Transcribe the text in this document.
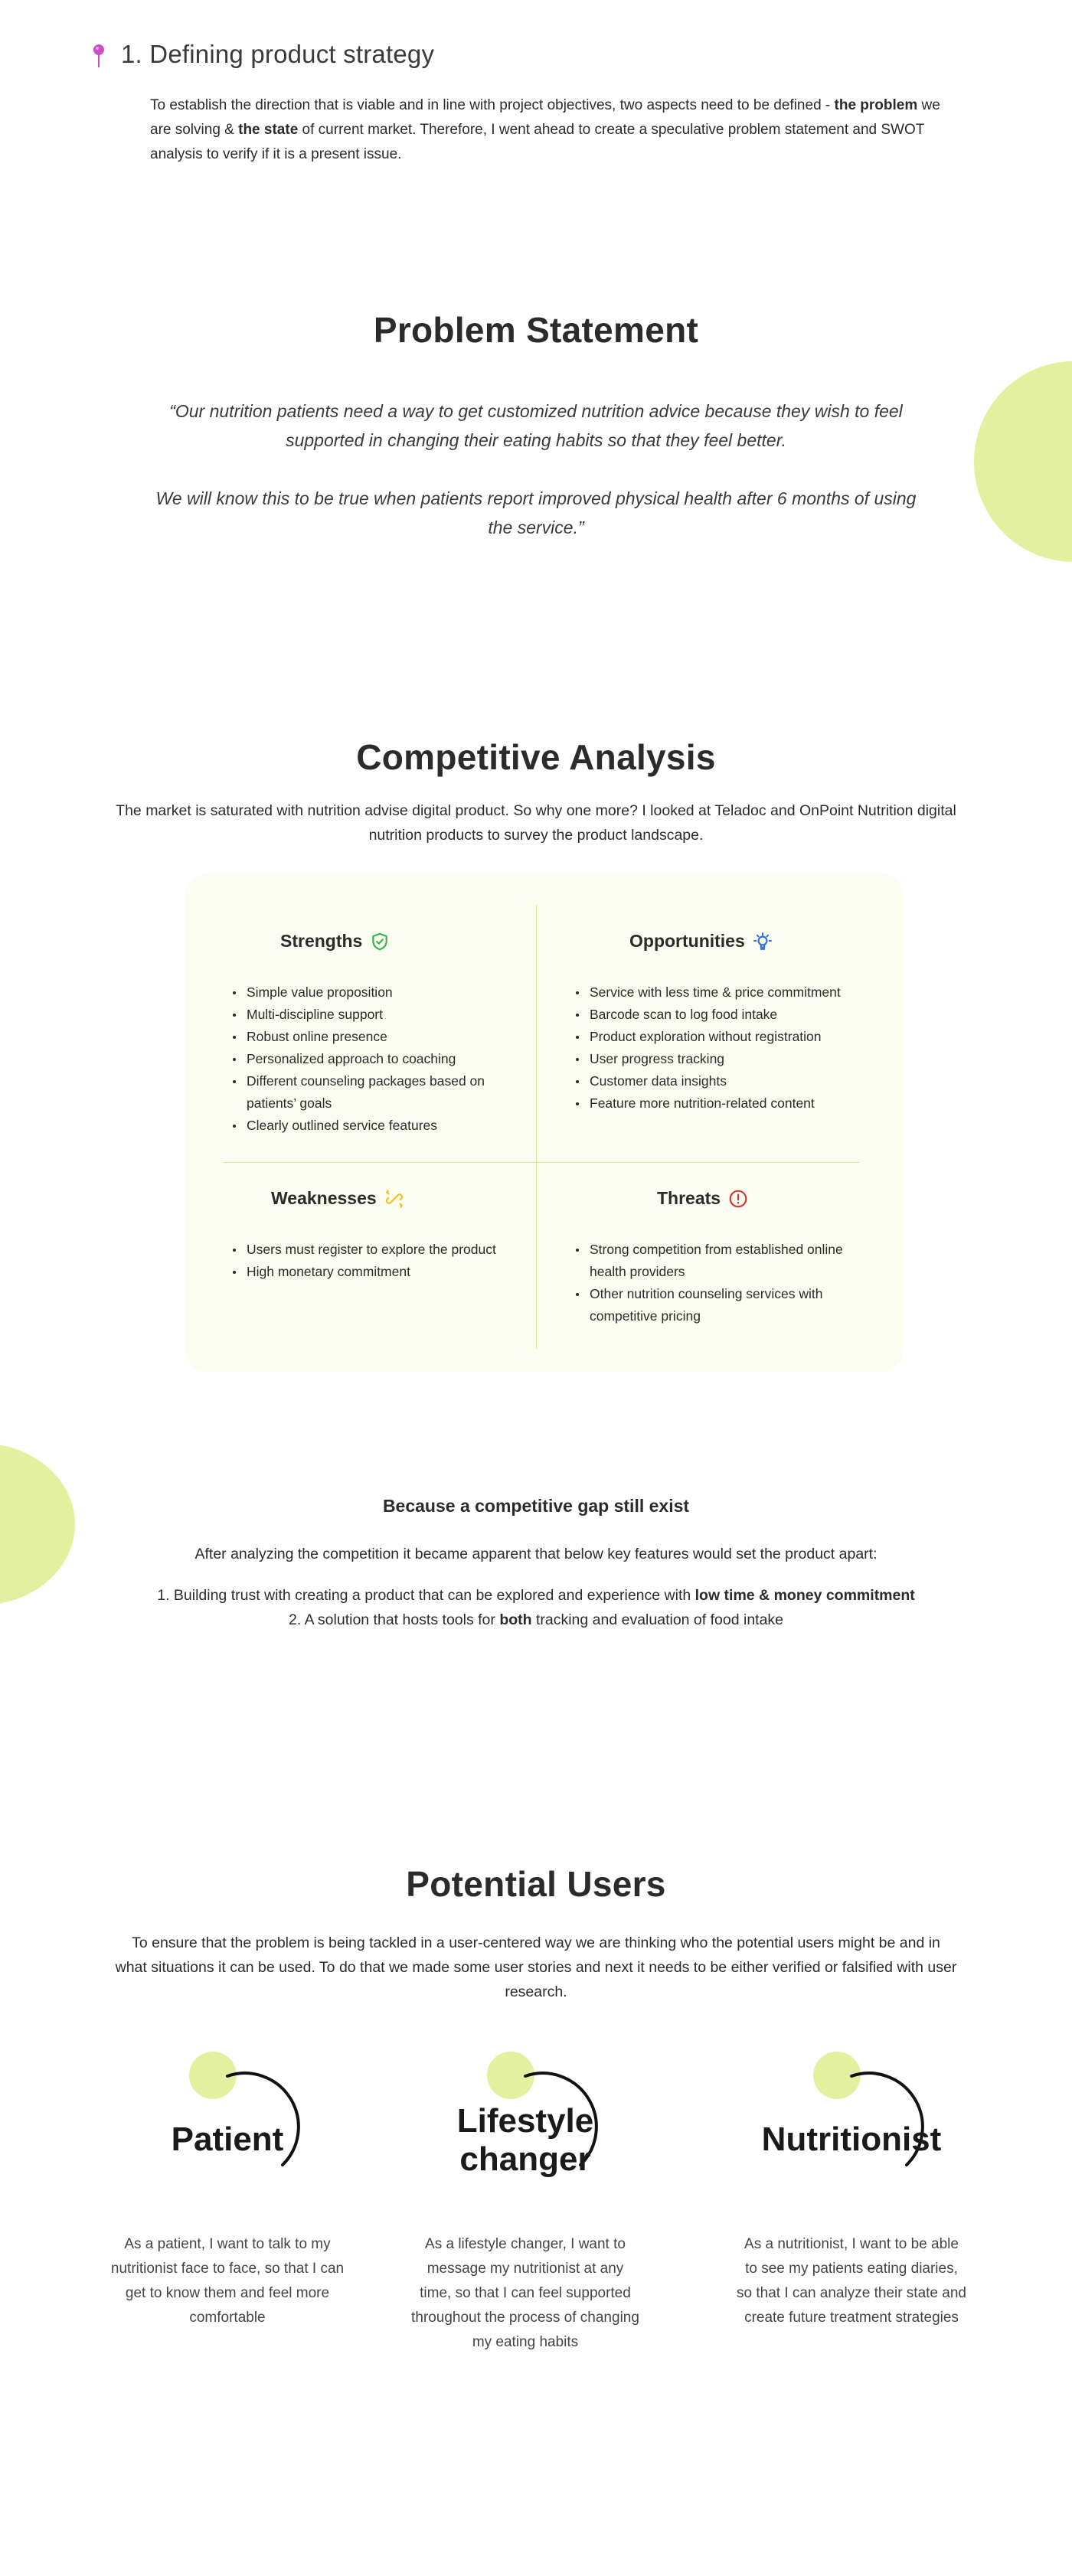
1. Defining product strategy
To establish the direction that is viable and in line with project objectives, two aspects need to be defined - the problem we are solving & the state of current market. Therefore, I went ahead to create a speculative problem statement and SWOT analysis to verify if it is a present issue.
Problem Statement
“Our nutrition patients need a way to get customized nutrition advice because they wish to feel supported in changing their eating habits so that they feel better.
We will know this to be true when patients report improved physical health after 6 months of using the service.”
Competitive Analysis
The market is saturated with nutrition advise digital product. So why one more? I looked at Teladoc and OnPoint Nutrition digital nutrition products to survey the product landscape.
Strengths
Simple value proposition
Multi-discipline support
Robust online presence
Personalized approach to coaching
Different counseling packages based on patients’ goals
Clearly outlined service features
Opportunities
Service with less time & price commitment
Barcode scan to log food intake
Product exploration without registration
User progress tracking
Customer data insights
Feature more nutrition-related content
Weaknesses
Users must register to explore the product
High monetary commitment
Threats
Strong competition from established online health providers
Other nutrition counseling services with competitive pricing
Because a competitive gap still exist
After analyzing the competition it became apparent that below key features would set the product apart:
1. Building trust with creating a product that can be explored and experience with low time & money commitment
2. A solution that hosts tools for both tracking and evaluation of food intake
Potential Users
To ensure that the problem is being tackled in a user-centered way we are thinking who the potential users might be and in what situations it can be used. To do that we made some user stories and next it needs to be either verified or falsified with user research.
Patient
As a patient, I want to talk to my nutritionist face to face, so that I can get to know them and feel more comfortable
Lifestyle changer
As a lifestyle changer, I want to message my nutritionist at any time, so that I can feel supported throughout the process of changing my eating habits
Nutritionist
As a nutritionist, I want to be able to see my patients eating diaries, so that I can analyze their state and create future treatment strategies
